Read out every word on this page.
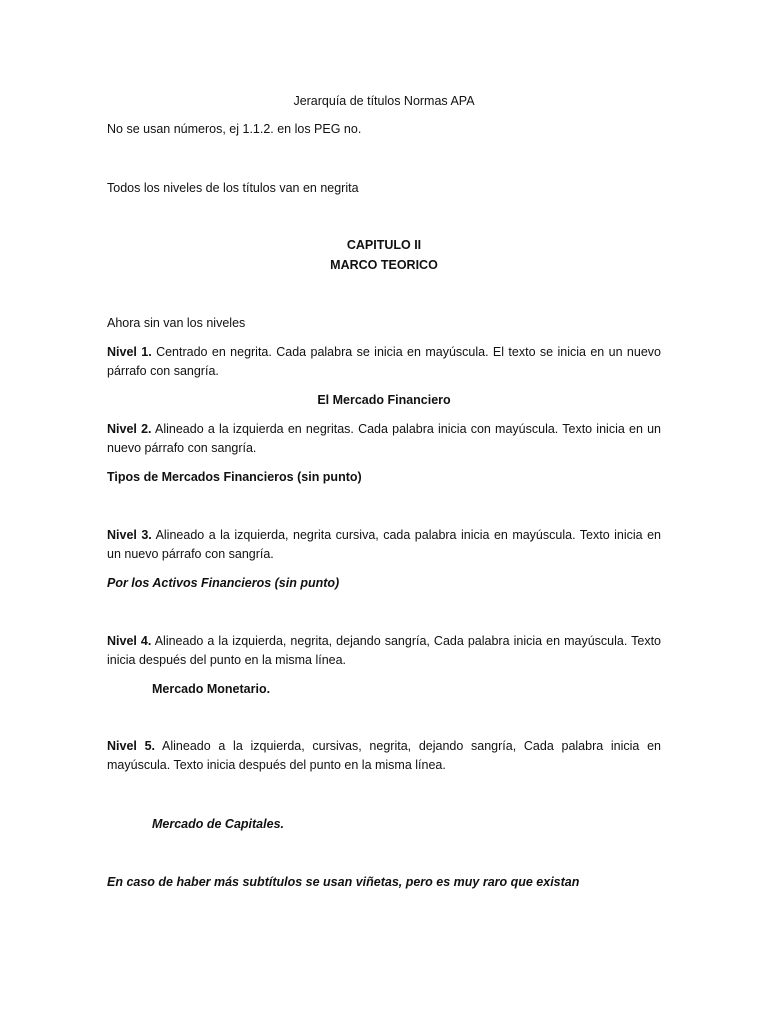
Jerarquía de títulos Normas APA
No se usan números, ej 1.1.2. en los PEG no.
Todos los niveles de los títulos van en negrita
CAPITULO II
MARCO TEORICO
Ahora sin van los niveles
Nivel 1. Centrado en negrita. Cada palabra se inicia en mayúscula. El texto se inicia en un nuevo párrafo con sangría.
El Mercado Financiero
Nivel 2. Alineado a la izquierda en negritas. Cada palabra inicia con mayúscula. Texto inicia en un nuevo párrafo con sangría.
Tipos de Mercados Financieros (sin punto)
Nivel 3. Alineado a la izquierda, negrita cursiva, cada palabra inicia en mayúscula. Texto inicia en un nuevo párrafo con sangría.
Por los Activos Financieros (sin punto)
Nivel 4. Alineado a la izquierda, negrita, dejando sangría, Cada palabra inicia en mayúscula. Texto inicia después del punto en la misma línea.
Mercado Monetario.
Nivel 5. Alineado a la izquierda, cursivas, negrita, dejando sangría, Cada palabra inicia en mayúscula. Texto inicia después del punto en la misma línea.
Mercado de Capitales.
En caso de haber más subtítulos se usan viñetas, pero es muy raro que existan
